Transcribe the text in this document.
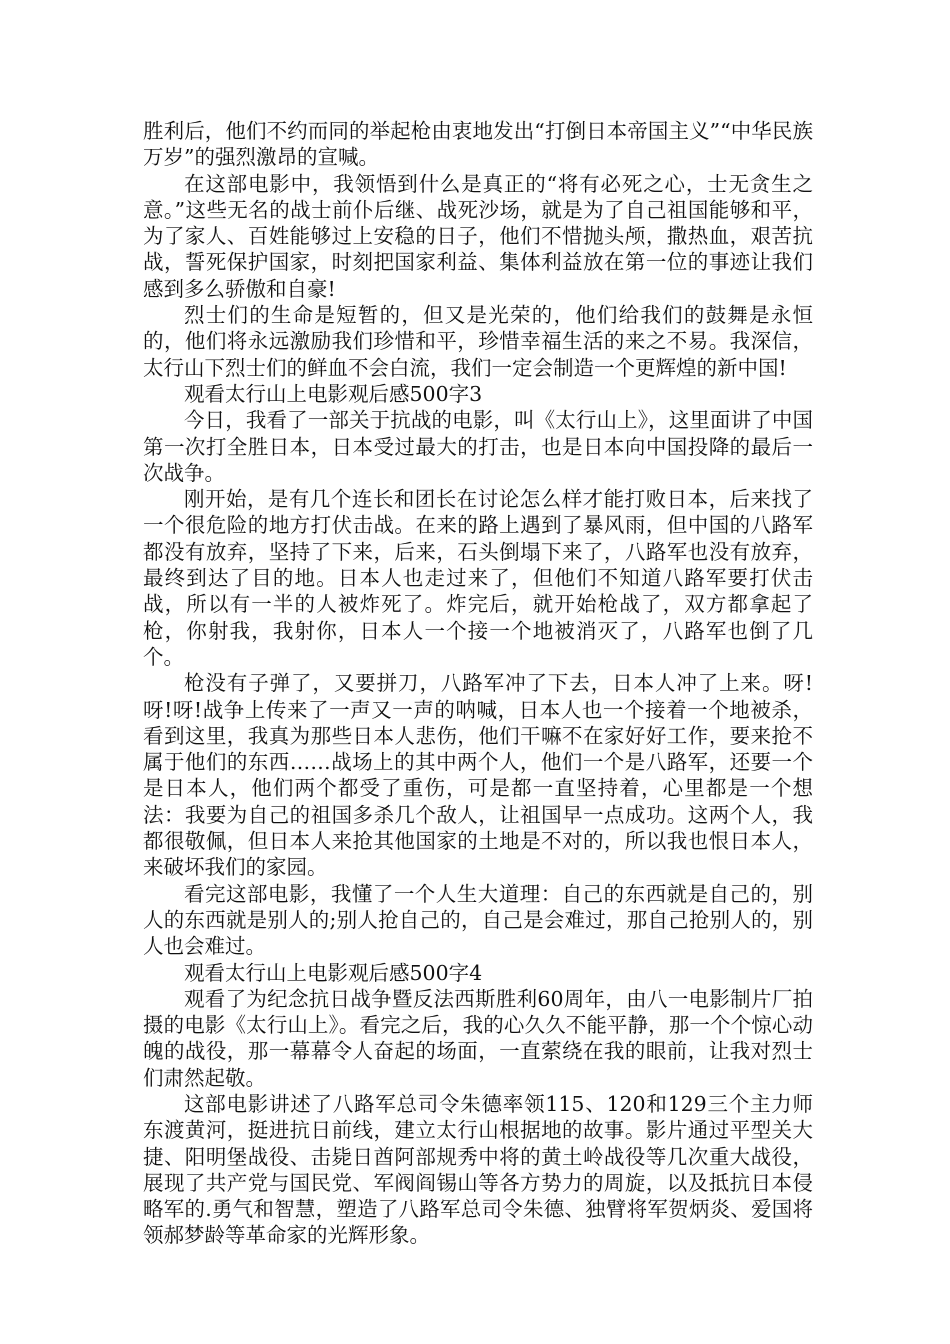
胜利后，他们不约而同的举起枪由衷地发出“打倒日本帝国主义”“中华民族万岁”的强烈激昂的宣喊。

在这部电影中，我领悟到什么是真正的“将有必死之心，士无贪生之意。”这些无名的战士前仆后继、战死沙场，就是为了自己祖国能够和平，为了家人、百姓能够过上安稳的日子，他们不惜抛头颅，撒热血，艰苦抗战，誓死保护国家，时刻把国家利益、集体利益放在第一位的事迹让我们感到多么骄傲和自豪!

烈士们的生命是短暂的，但又是光荣的，他们给我们的鼓舞是永恒的，他们将永远激励我们珍惜和平，珍惜幸福生活的来之不易。我深信，太行山下烈士们的鲜血不会白流，我们一定会制造一个更辉煌的新中国!

观看太行山上电影观后感500字3

今日，我看了一部关于抗战的电影，叫《太行山上》，这里面讲了中国第一次打全胜日本，日本受过最大的打击，也是日本向中国投降的最后一次战争。

刚开始，是有几个连长和团长在讨论怎么样才能打败日本，后来找了一个很危险的地方打伏击战。在来的路上遇到了暴风雨，但中国的八路军都没有放弃，坚持了下来，后来，石头倒塌下来了，八路军也没有放弃，最终到达了目的地。日本人也走过来了，但他们不知道八路军要打伏击战，所以有一半的人被炸死了。炸完后，就开始枪战了，双方都拿起了枪，你射我，我射你，日本人一个接一个地被消灭了，八路军也倒了几个。

枪没有子弹了，又要拼刀，八路军冲了下去，日本人冲了上来。呀!呀!呀!战争上传来了一声又一声的呐喊，日本人也一个接着一个地被杀，看到这里，我真为那些日本人悲伤，他们干嘛不在家好好工作，要来抢不属于他们的东西……战场上的其中两个人，他们一个是八路军，还要一个是日本人，他们两个都受了重伤，可是都一直坚持着，心里都是一个想法：我要为自己的祖国多杀几个敌人，让祖国早一点成功。这两个人，我都很敬佩，但日本人来抢其他国家的土地是不对的，所以我也恨日本人，来破坏我们的家园。

看完这部电影，我懂了一个人生大道理：自己的东西就是自己的，别人的东西就是别人的;别人抢自己的，自己是会难过，那自己抢别人的，别人也会难过。

观看太行山上电影观后感500字4

观看了为纪念抗日战争暨反法西斯胜利60周年，由八一电影制片厂拍摄的电影《太行山上》。看完之后，我的心久久不能平静，那一个个惊心动魄的战役，那一幕幕令人奋起的场面，一直萦绕在我的眼前，让我对烈士们肃然起敬。

这部电影讲述了八路军总司令朱德率领115、120和129三个主力师东渡黄河，挺进抗日前线，建立太行山根据地的故事。影片通过平型关大捷、阳明堡战役、击毙日酋阿部规秀中将的黄土岭战役等几次重大战役，展现了共产党与国民党、军阀阎锡山等各方势力的周旋，以及抵抗日本侵略军的.勇气和智慧，塑造了八路军总司令朱德、独臂将军贺炳炎、爱国将领郝梦龄等革命家的光辉形象。
